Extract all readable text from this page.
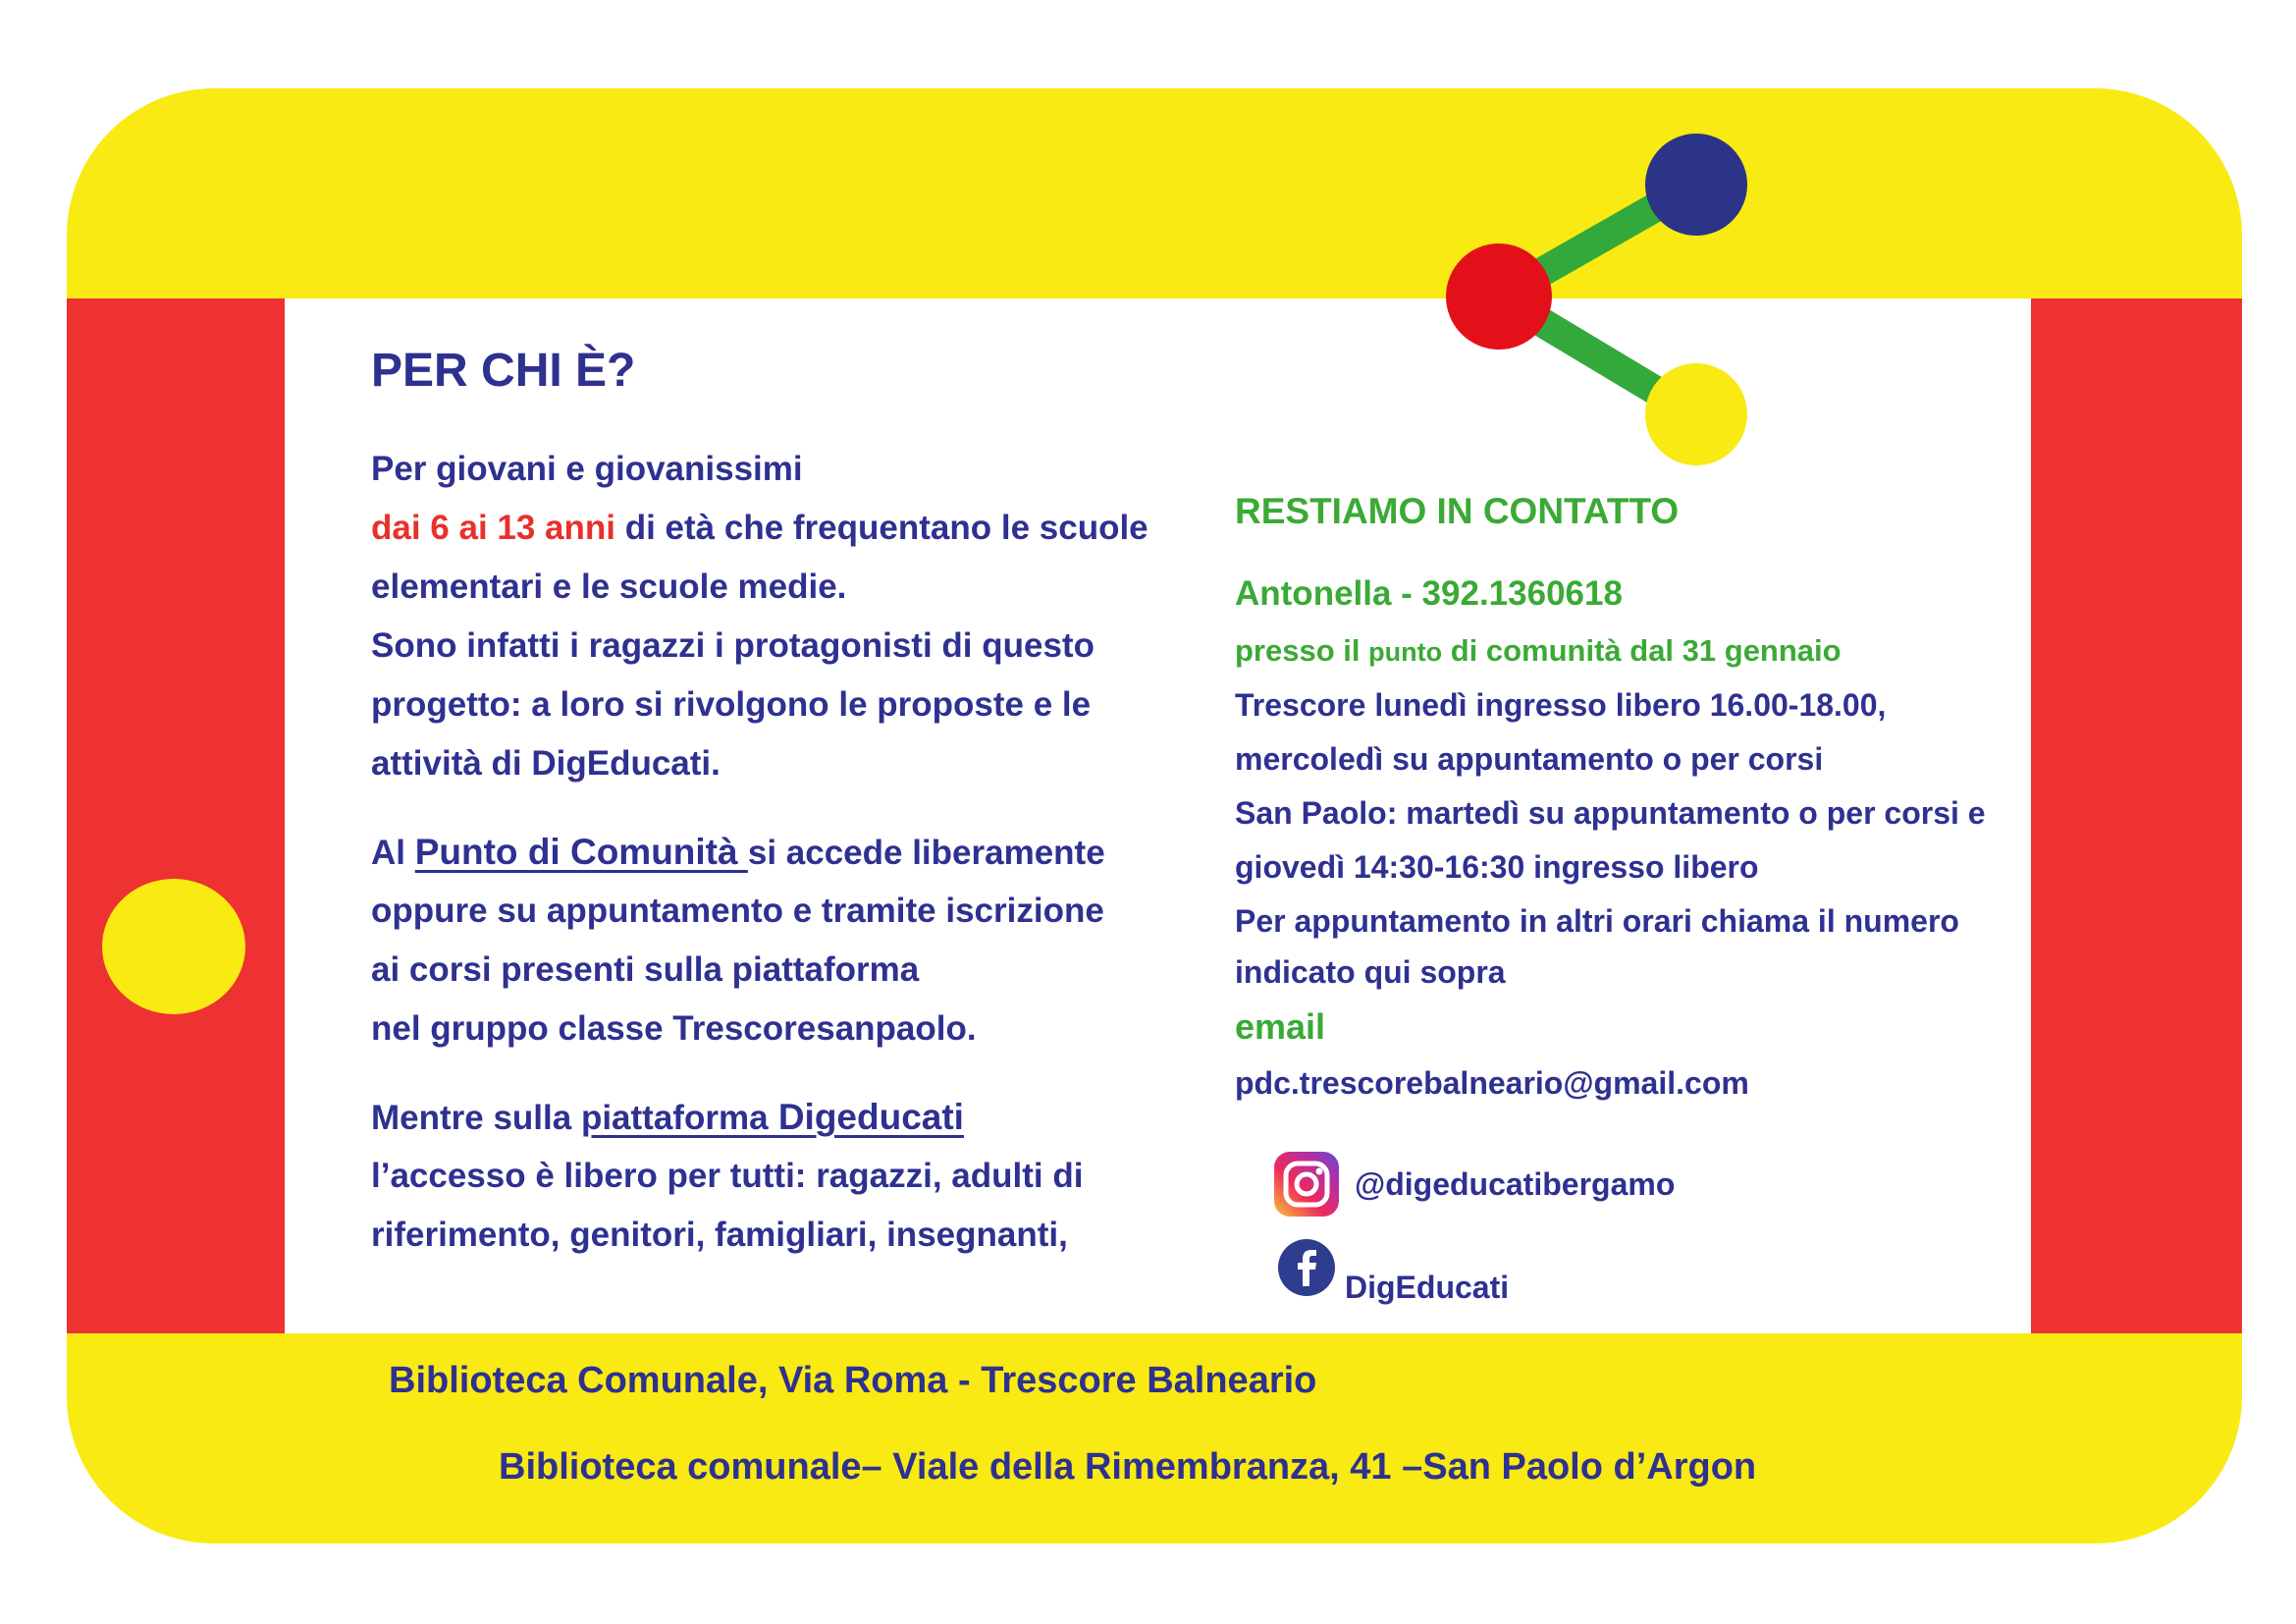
PER CHI È?
Per giovani e giovanissimi
dai 6 ai 13 anni di età che frequentano le scuole
elementari e le scuole medie.
Sono infatti i ragazzi i protagonisti di questo
progetto: a loro si rivolgono le proposte e le
attività di DigEducati.
Al Punto di Comunità si accede liberamente
oppure su appuntamento e tramite iscrizione
ai corsi presenti sulla piattaforma
nel gruppo classe Trescoresanpaolo.
Mentre sulla piattaforma Digeducati
l’accesso è libero per tutti: ragazzi, adulti di
riferimento, genitori, famigliari, insegnanti,
RESTIAMO IN CONTATTO
Antonella - 392.1360618
presso il punto di comunità dal 31 gennaio
Trescore lunedì ingresso libero 16.00-18.00,
mercoledì su appuntamento o per corsi
San Paolo: martedì su appuntamento o per corsi e
giovedì 14:30-16:30 ingresso libero
Per appuntamento in altri orari chiama il numero
indicato qui sopra
email
pdc.trescorebalneario@gmail.com
@digeducatibergamo
DigEducati
Biblioteca Comunale, Via Roma - Trescore Balneario
Biblioteca comunale– Viale della Rimembranza, 41 –San Paolo d’Argon
